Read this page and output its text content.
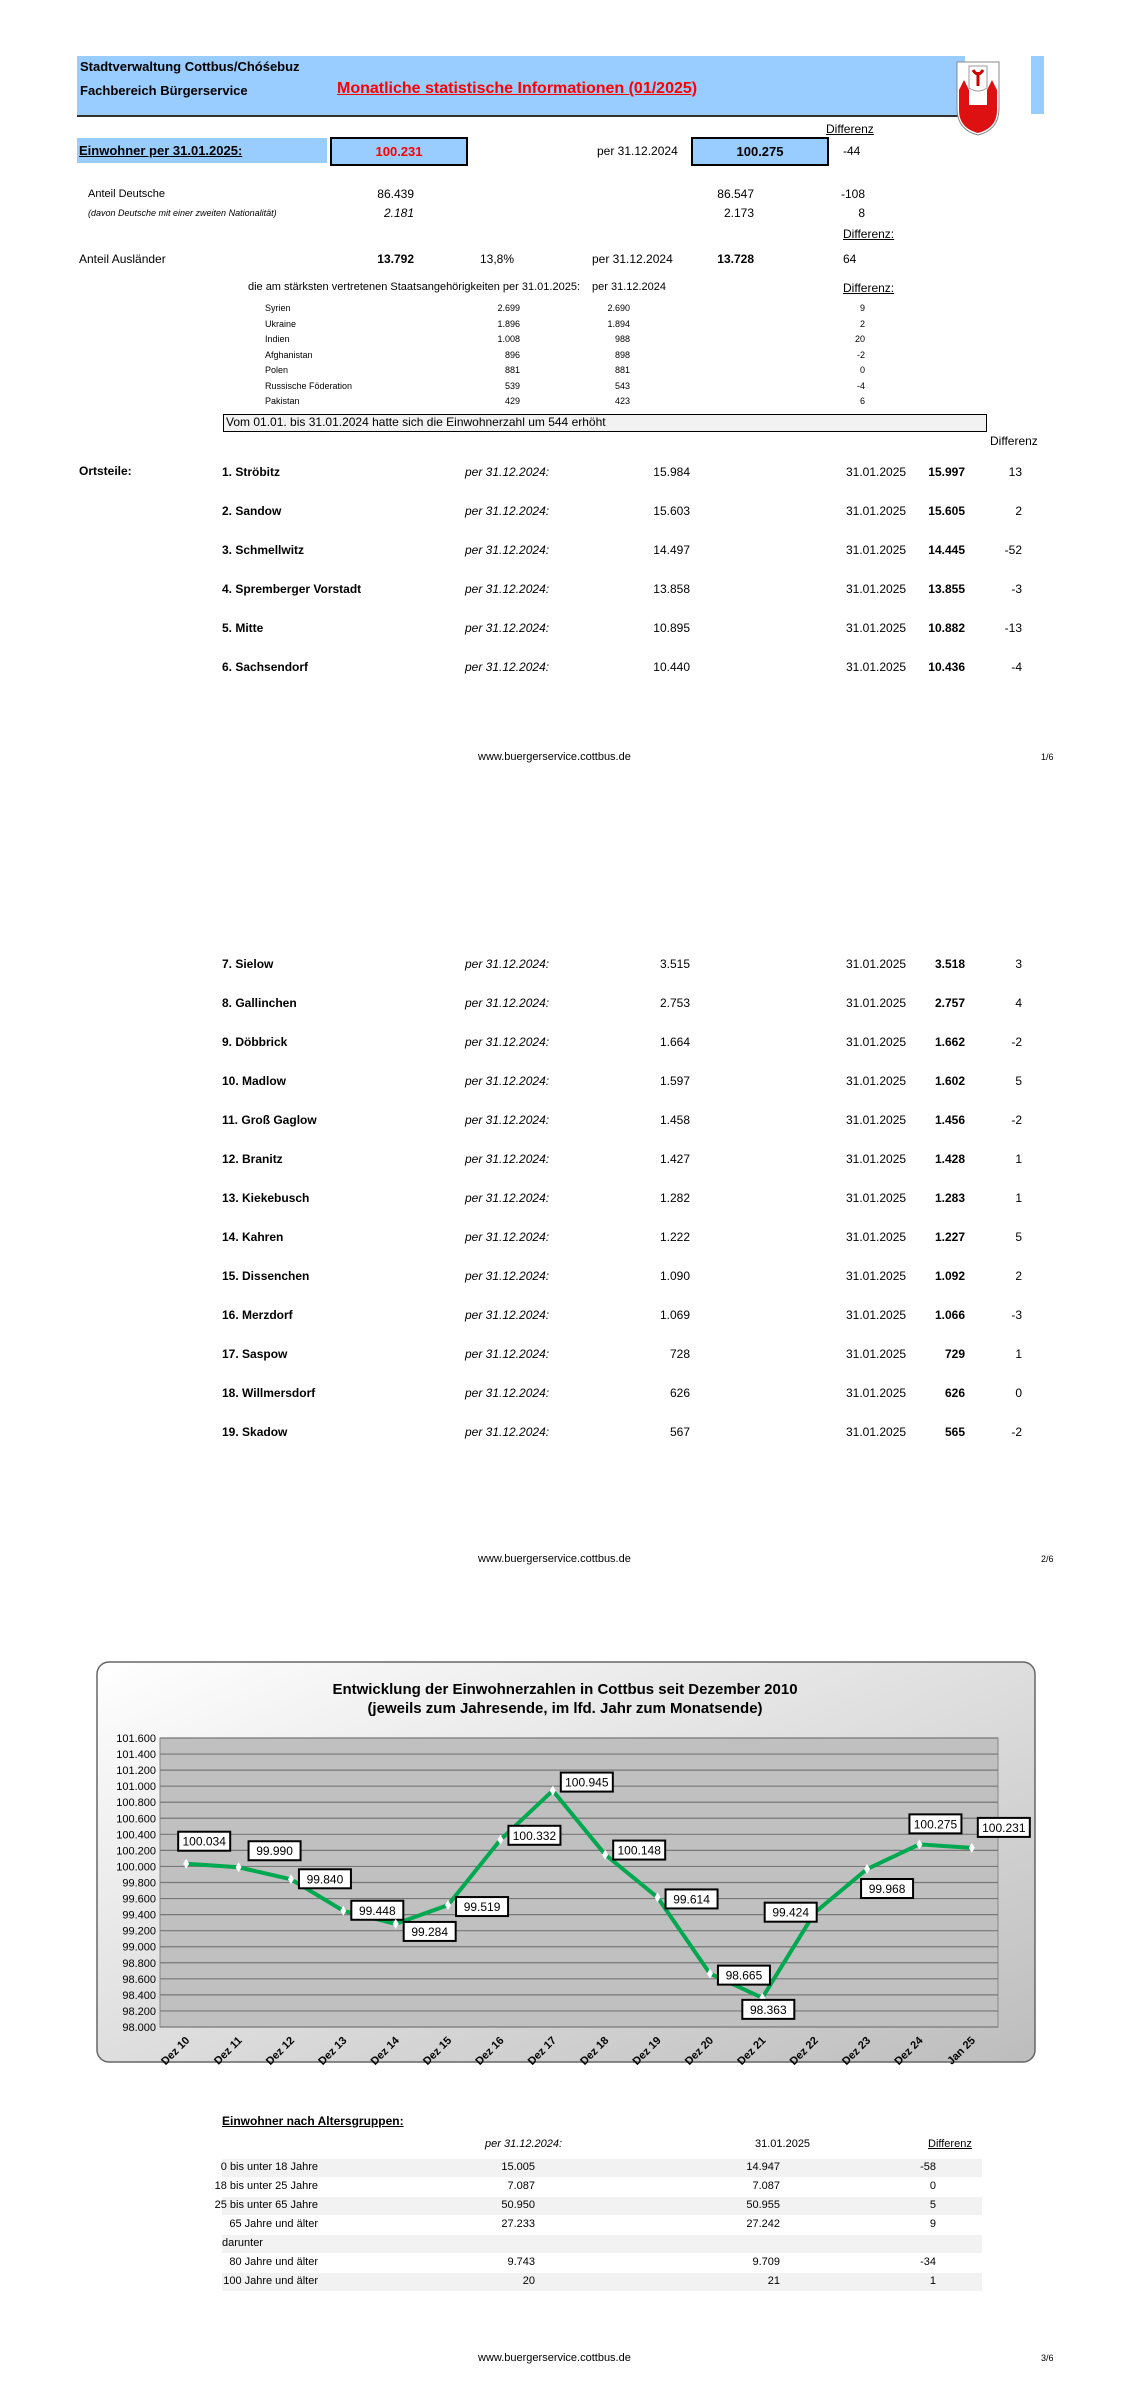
Stadtverwaltung Cottbus/Chóśebuz
Fachbereich Bürgerservice	Monatliche statistische Informationen (01/2025)
Differenz
Einwohner per 31.01.2025:	100.231	per 31.12.2024	100.275	-44
Anteil Deutsche	86.439	86.547	-108
(davon Deutsche mit einer zweiten Nationalität)	2.181	2.173	8
Differenz:
Anteil Ausländer	13.792	13,8%	per 31.12.2024	13.728	64
die am stärksten vertretenen Staatsangehörigkeiten per 31.01.2025: per 31.12.2024	Differenz:
Vom 01.01. bis 31.01.2024 hatte sich die Einwohnerzahl um 544 erhöht
Differenz
Ortsteile:
www.buergerservice.cottbus.de	1/6
www.buergerservice.cottbus.de	2/6
Entwicklung der Einwohnerzahlen in Cottbus seit Dezember 2010
(jeweils zum Jahresende, im lfd. Jahr zum Monatsende)
98.000
98.200
98.400
98.600
98.800
99.000
99.200
99.400
99.600
99.800
100.000
100.200
100.400
100.600
100.800
101.000
101.200
101.400
101.600
100.034
Dez 10
99.990
Dez 11
99.840
Dez 12
99.448
Dez 13
99.284
Dez 14
99.519
Dez 15
100.332
Dez 16
100.945
Dez 17
100.148
Dez 18
99.614
Dez 19
98.665
Dez 20
98.363
Dez 21
99.424
Dez 22
99.968
Dez 23
100.275
Dez 24
100.231
Jan 25
Einwohner nach Altersgruppen:
per 31.12.2024:	31.01.2025	Differenz
www.buergerservice.cottbus.de	3/6
Syrien	2.699	2.690	9
Ukraine	1.896	1.894	2
Indien	1.008	988	20
Afghanistan	896	898	-2
Polen	881	881	0
Russische Föderation	539	543	-4
Pakistan	429	423	6
1. Ströbitz	per 31.12.2024:	15.984	31.01.2025	15.997	13
2. Sandow	per 31.12.2024:	15.603	31.01.2025	15.605	2
3. Schmellwitz	per 31.12.2024:	14.497	31.01.2025	14.445	-52
4. Spremberger Vorstadt	per 31.12.2024:	13.858	31.01.2025	13.855	-3
5. Mitte	per 31.12.2024:	10.895	31.01.2025	10.882	-13
6. Sachsendorf	per 31.12.2024:	10.440	31.01.2025	10.436	-4
7. Sielow	per 31.12.2024:	3.515	31.01.2025	3.518	3
8. Gallinchen	per 31.12.2024:	2.753	31.01.2025	2.757	4
9. Döbbrick	per 31.12.2024:	1.664	31.01.2025	1.662	-2
10. Madlow	per 31.12.2024:	1.597	31.01.2025	1.602	5
11. Groß Gaglow	per 31.12.2024:	1.458	31.01.2025	1.456	-2
12. Branitz	per 31.12.2024:	1.427	31.01.2025	1.428	1
13. Kiekebusch	per 31.12.2024:	1.282	31.01.2025	1.283	1
14. Kahren	per 31.12.2024:	1.222	31.01.2025	1.227	5
15. Dissenchen	per 31.12.2024:	1.090	31.01.2025	1.092	2
16. Merzdorf	per 31.12.2024:	1.069	31.01.2025	1.066	-3
17. Saspow	per 31.12.2024:	728	31.01.2025	729	1
18. Willmersdorf	per 31.12.2024:	626	31.01.2025	626	0
19. Skadow	per 31.12.2024:	567	31.01.2025	565	-2
0 bis unter 18 Jahre	15.005	14.947	-58
18 bis unter 25 Jahre	7.087	7.087	0
25 bis unter 65 Jahre	50.950	50.955	5
65 Jahre und älter	27.233	27.242	9
darunter
80 Jahre und älter	9.743	9.709	-34
100 Jahre und älter	20	21	1
